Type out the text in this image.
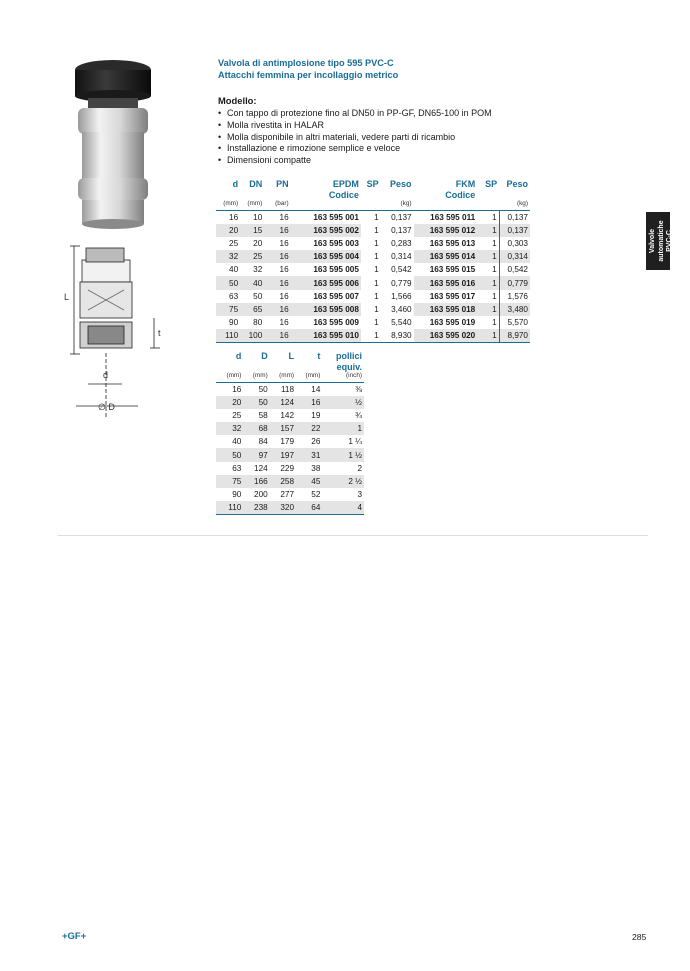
L
t
d
∅ D
Valvola di antimplosione tipo 595 PVC-C
Attacchi femmina per incollaggio metrico
Modello:
• Con tappo di protezione fino al DN50 in PP-GF, DN65-100 in POM
• Molla rivestita in HALAR
• Molla disponibile in altri materiali, vedere parti di ricambio
• Installazione e rimozione semplice e veloce
• Dimensioni compatte
d	DN	PN	EPDM	SP	Peso	FKM	SP	Peso
			Codice			Codice		
(mm)	(mm)	(bar)			(kg)			(kg)
16	10	16	163 595 001	1	0,137	163 595 011	1	0,137
20	15	16	163 595 002	1	0,137	163 595 012	1	0,137
25	20	16	163 595 003	1	0,283	163 595 013	1	0,303
32	25	16	163 595 004	1	0,314	163 595 014	1	0,314
40	32	16	163 595 005	1	0,542	163 595 015	1	0,542
50	40	16	163 595 006	1	0,779	163 595 016	1	0,779
63	50	16	163 595 007	1	1,566	163 595 017	1	1,576
75	65	16	163 595 008	1	3,460	163 595 018	1	3,480
90	80	16	163 595 009	1	5,540	163 595 019	1	5,570
110	100	16	163 595 010	1	8,930	163 595 020	1	8,970
d	D	L	t	pollici
				equiv.
(mm)	(mm)	(mm)	(mm)	(inch)
16	50	118	14	⅜
20	50	124	16	½
25	58	142	19	¾
32	68	157	22	1
40	84	179	26	1 ¼
50	97	197	31	1 ½
63	124	229	38	2
75	166	258	45	2 ½
90	200	277	52	3
110	238	320	64	4
Valvole automatiche PVC-C
+GF+	285
